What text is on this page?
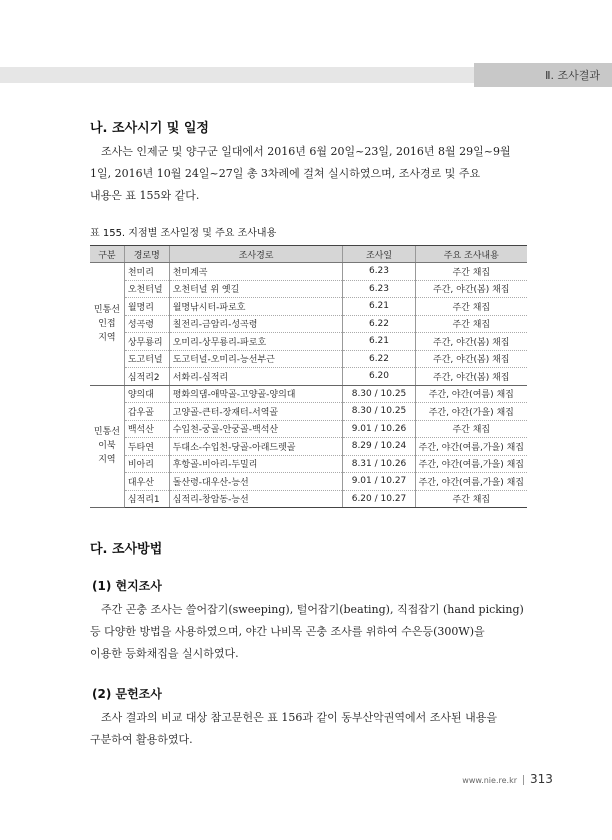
Ⅱ. 조사결과
나. 조사시기 및 일정
조사는 인제군 및 양구군 일대에서 2016년 6월 20일~23일, 2016년 8월 29일~9월
1일, 2016년 10월 24일~27일 총 3차례에 걸쳐 실시하였으며, 조사경로 및 주요
내용은 표 155와 같다.
표 155. 지점별 조사일정 및 주요 조사내용
구분	경로명	조사경로	조사일	주요 조사내용

민통선
인접
지역	천미리	천미계곡	6.23	주간 채집
	오천터널	오천터널 위 옛길	6.23	주간, 야간(봄) 채집
	월명리	월명낚시터-파로호	6.21	주간 채집
	성곡령	칠전리-금암리-성곡령	6.22	주간 채집
	상무룡리	오미리-상무룡리-파로호	6.21	주간, 야간(봄) 채집
	도고터널	도고터널-오미리-능선부근	6.22	주간, 야간(봄) 채집
	심적리2	서화리-심적리	6.20	주간, 야간(봄) 채집

민통선
이북
지역	양의대	평화의댐-애막골-고양골-양의대	8.30 / 10.25	주간, 야간(여름) 채집
	갑우골	고양골-큰터-장재터-서역골	8.30 / 10.25	주간, 야간(가을) 채집
	백석산	수입천-궁골-안궁골-백석산	9.01 / 10.26	주간 채집
	두타연	두대소-수입천-당골-아래드렛골	8.29 / 10.24	주간, 야간(여름,가을) 채집
	비아리	후항골-비아리-두밀리	8.31 / 10.26	주간, 야간(여름,가을) 채집
	대우산	돌산령-대우산-능선	9.01 / 10.27	주간, 야간(여름,가을) 채집
	심적리1	심적리-창암동-능선	6.20 / 10.27	주간 채집
다. 조사방법
(1) 현지조사
주간 곤충 조사는 쓸어잡기(sweeping), 털어잡기(beating), 직접잡기 (hand picking)
등 다양한 방법을 사용하였으며, 야간 나비목 곤충 조사를 위하여 수은등(300W)을
이용한 등화채집을 실시하였다.
(2) 문헌조사
조사 결과의 비교 대상 참고문헌은 표 156과 같이 동부산악권역에서 조사된 내용을
구분하여 활용하였다.
www.nie.re.kr 313
